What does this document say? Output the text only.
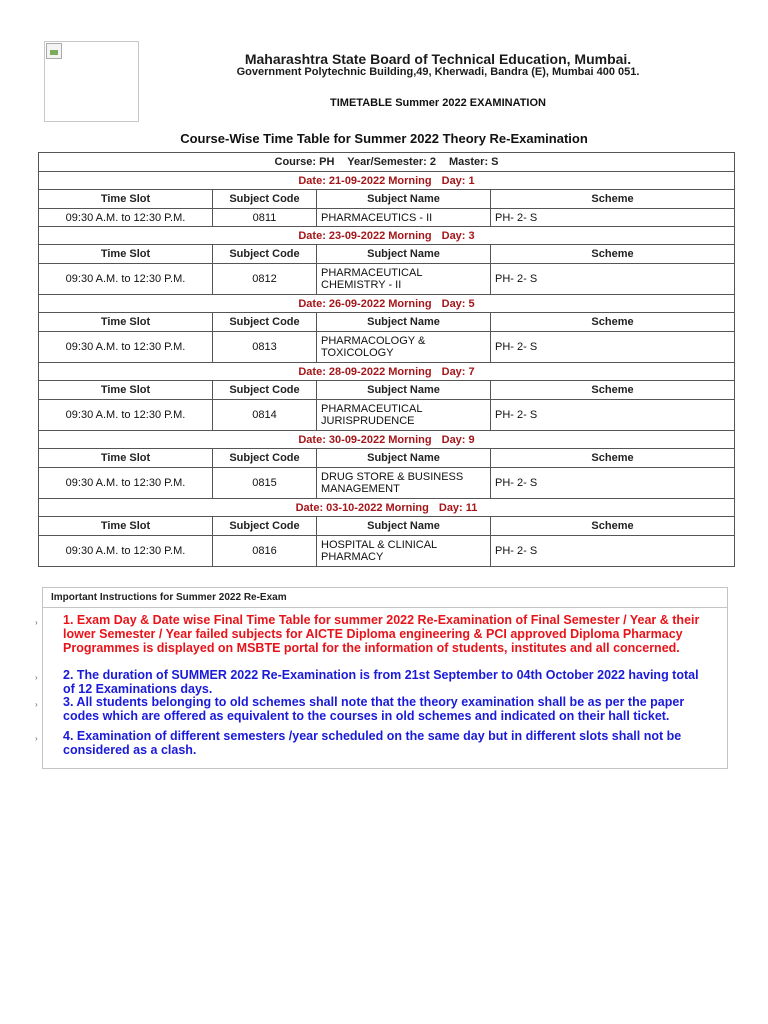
Maharashtra State Board of Technical Education, Mumbai.
Government Polytechnic Building,49, Kherwadi, Bandra (E), Mumbai 400 051.
TIMETABLE Summer 2022 EXAMINATION
Course-Wise Time Table for Summer 2022 Theory Re-Examination
Course: PH Year/Semester: 2 Master: S			
Date: 21-09-2022 Morning Day: 1			
Time Slot	Subject Code	Subject Name	Scheme
09:30 A.M. to 12:30 P.M.	0811	PHARMACEUTICS - II	PH- 2- S
Date: 23-09-2022 Morning Day: 3			
Time Slot	Subject Code	Subject Name	Scheme
09:30 A.M. to 12:30 P.M.	0812	PHARMACEUTICAL
CHEMISTRY - II	PH- 2- S
Date: 26-09-2022 Morning Day: 5			
Time Slot	Subject Code	Subject Name	Scheme
09:30 A.M. to 12:30 P.M.	0813	PHARMACOLOGY &
TOXICOLOGY	PH- 2- S
Date: 28-09-2022 Morning Day: 7			
Time Slot	Subject Code	Subject Name	Scheme
09:30 A.M. to 12:30 P.M.	0814	PHARMACEUTICAL
JURISPRUDENCE	PH- 2- S
Date: 30-09-2022 Morning Day: 9			
Time Slot	Subject Code	Subject Name	Scheme
09:30 A.M. to 12:30 P.M.	0815	DRUG STORE & BUSINESS
MANAGEMENT	PH- 2- S
Date: 03-10-2022 Morning Day: 11			
Time Slot	Subject Code	Subject Name	Scheme
09:30 A.M. to 12:30 P.M.	0816	HOSPITAL & CLINICAL
PHARMACY	PH- 2- S
Important Instructions for Summer 2022 Re-Exam
› 1. Exam Day & Date wise Final Time Table for summer 2022 Re-Examination of Final Semester / Year & their
lower Semester / Year failed subjects for AICTE Diploma engineering & PCI approved Diploma Pharmacy
Programmes is displayed on MSBTE portal for the information of students, institutes and all concerned.
› 2. The duration of SUMMER 2022 Re-Examination is from 21st September to 04th October 2022 having total
of 12 Examinations days.
› 3. All students belonging to old schemes shall note that the theory examination shall be as per the paper
codes which are offered as equivalent to the courses in old schemes and indicated on their hall ticket.
› 4. Examination of different semesters /year scheduled on the same day but in different slots shall not be
considered as a clash.
